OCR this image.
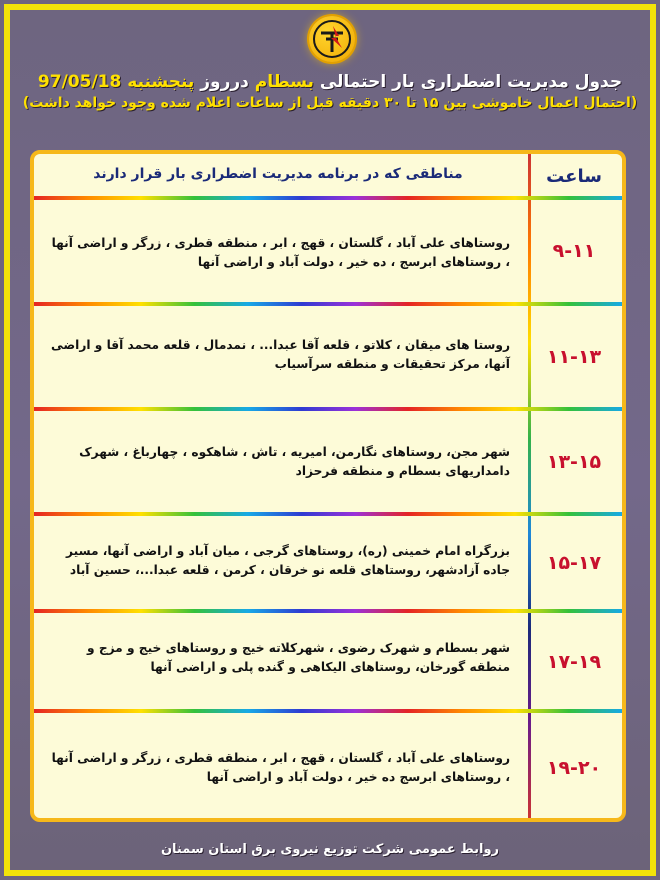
جدول مدیریت اضطراری بار احتمالی بسطام درروز پنجشنبه 97/05/18
(احتمال اعمال خاموشی بین ۱۵ تا ۳۰ دقیقه قبل از ساعات اعلام شده وجود خواهد داشت)
ساعت
مناطقی که در برنامه مدیریت اضطراری بار قرار دارند
۹-۱۱
روستاهای علی آباد ، گلستان ، قهج ، ابر ، منطقه قطری ، زرگر و اراضی آنها ، روستاهای ابرسج ، ده خیر ، دولت آباد و اراضی آنها
۱۱-۱۳
روستا های میقان ، کلاتو ، قلعه آقا عبدا... ، نمدمال ، قلعه محمد آقا و اراضی آنها، مرکز تحقیقات و منطقه سرآسیاب
۱۳-۱۵
شهر مجن، روستاهای نگارمن، امیریه ، تاش ، شاهکوه ، چهارباغ ، شهرک دامداریهای بسطام و منطقه فرحزاد
۱۵-۱۷
بزرگراه امام خمینی (ره)، روستاهای گرجی ، میان آباد و اراضی آنها، مسیر جاده آزادشهر، روستاهای قلعه نو خرقان ، کرمن ، قلعه عبدا...، حسین آباد
۱۷-۱۹
شهر بسطام و شهرک رضوی ، شهرکلاته خیج و روستاهای خیج و مزج و منطقه گورخان، روستاهای الیکاهی و گنده پلی و اراضی آنها
۱۹-۲۰
روستاهای علی آباد ، گلستان ، قهج ، ابر ، منطقه قطری ، زرگر و اراضی آنها ، روستاهای ابرسج ده خیر ، دولت آباد و اراضی آنها
روابط عمومی شرکت توزیع نیروی برق استان سمنان
